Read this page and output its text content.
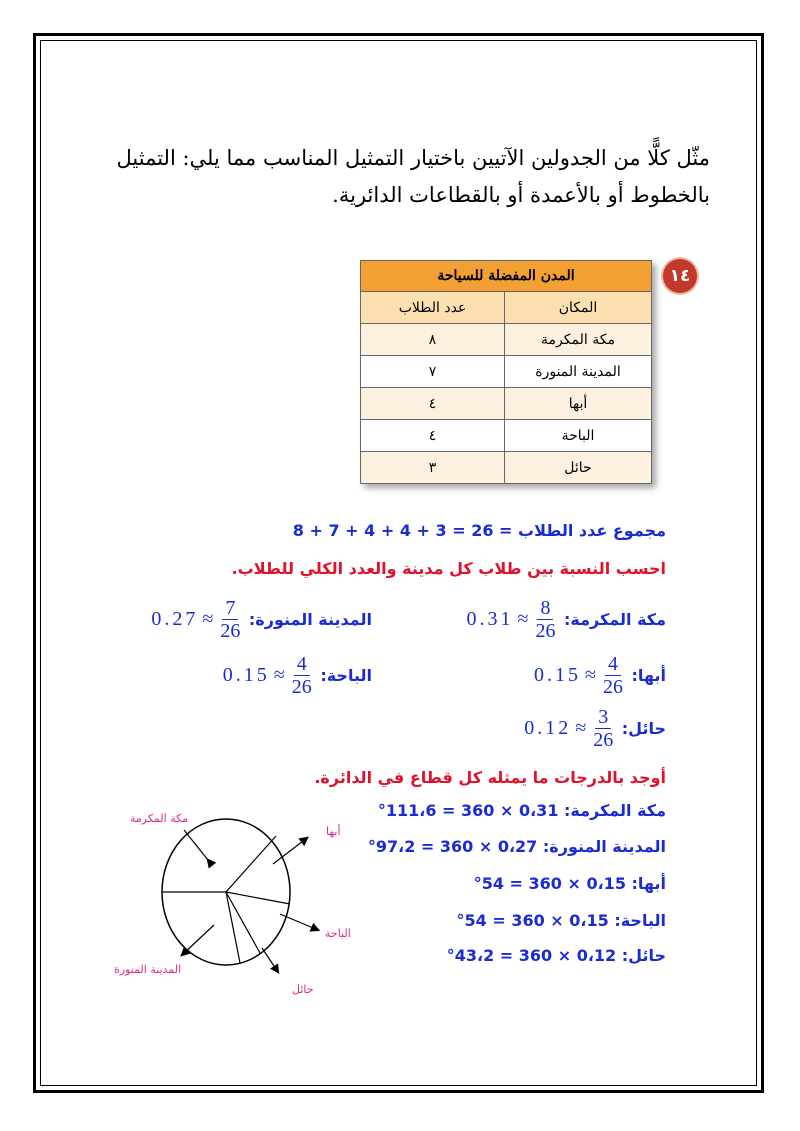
مثّل كلًّا من الجدولين الآتيين باختيار التمثيل المناسب مما يلي: التمثيل بالخطوط أو بالأعمدة أو بالقطاعات الدائرية.
١٤
المدن المفضلة للسياحة	
المكان	عدد الطلاب
مكة المكرمة	٨
المدينة المنورة	٧
أبها	٤
الباحة	٤
حائل	٣
مجموع عدد الطلاب = 26 = 3 + 4 + 4 + 7 + 8
احسب النسبة بين طلاب كل مدينة والعدد الكلي للطلاب.
مكة المكرمة:
$0.31 \approx \frac{8}{26}$
المدينة المنورة:
$0.27 \approx \frac{7}{26}$
أبها:
$0.15 \approx \frac{4}{26}$
الباحة:
$0.15 \approx \frac{4}{26}$
حائل:
$0.12 \approx \frac{3}{26}$
أوجد بالدرجات ما يمثله كل قطاع في الدائرة.
مكة المكرمة: 0،31 × 360 = 111،6°
المدينة المنورة: 0،27 × 360 = 97،2°
أبها: 0،15 × 360 = 54°
الباحة: 0،15 × 360 = 54°
حائل: 0،12 × 360 = 43،2°
مكة المكرمة
أبها
الباحة
المدينة المنورة
حائل
